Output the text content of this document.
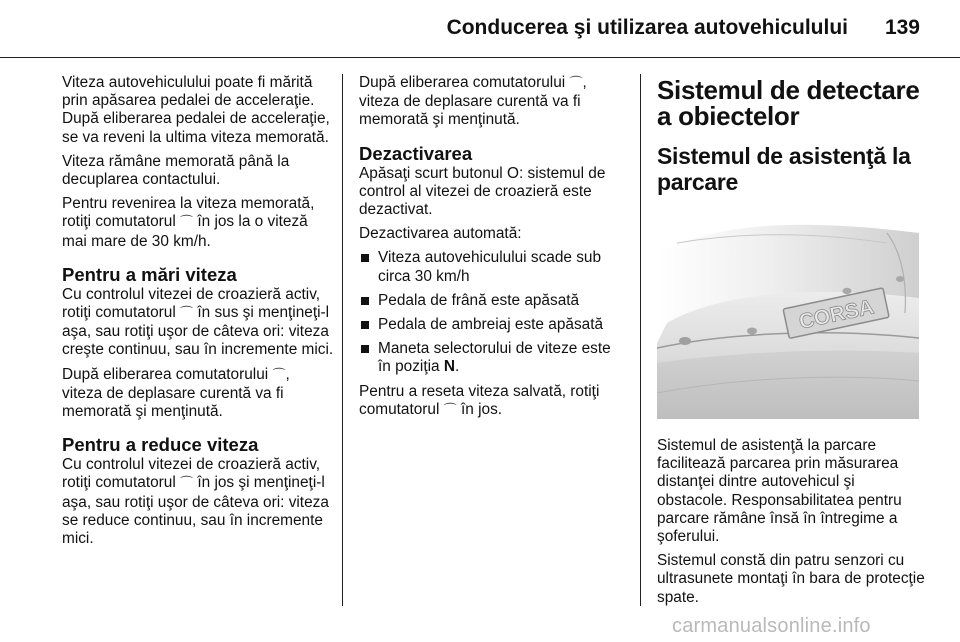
Conducerea şi utilizarea autovehiculului 139

Viteza autovehiculului poate fi mărită prin apăsarea pedalei de acceleraţie. După eliberarea pedalei de acceleraţie, se va reveni la ultima viteza memorată.

Viteza rămâne memorată până la decuplarea contactului.

Pentru revenirea la viteza memorată, rotiţi comutatorul ⌒ în jos la o viteză mai mare de 30 km/h.

Pentru a mări viteza

Cu controlul vitezei de croazieră activ, rotiţi comutatorul ⌒ în sus şi menţineţi-l aşa, sau rotiţi uşor de câteva ori: viteza creşte continuu, sau în incremente mici.

După eliberarea comutatorului ⌒, viteza de deplasare curentă va fi memorată şi menţinută.

Pentru a reduce viteza

Cu controlul vitezei de croazieră activ, rotiţi comutatorul ⌒ în jos şi menţineţi-l aşa, sau rotiţi uşor de câteva ori: viteza se reduce continuu, sau în incremente mici.

După eliberarea comutatorului ⌒, viteza de deplasare curentă va fi memorată şi menţinută.

Dezactivarea

Apăsaţi scurt butonul O: sistemul de control al vitezei de croazieră este dezactivat.

Dezactivarea automată:

Viteza autovehiculului scade sub circa 30 km/h
Pedala de frână este apăsată
Pedala de ambreiaj este apăsată
Maneta selectorului de viteze este în poziţia N.

Pentru a reseta viteza salvată, rotiţi comutatorul ⌒ în jos.

Sistemul de detectare a obiectelor
Sistemul de asistenţă la parcare
CORSA

Sistemul de asistenţă la parcare facilitează parcarea prin măsurarea distanţei dintre autovehicul şi obstacole. Responsabilitatea pentru parcare rămâne însă în întregime a şoferului.

Sistemul constă din patru senzori cu ultrasunete montaţi în bara de protecţie spate.

carmanualsonline.info
